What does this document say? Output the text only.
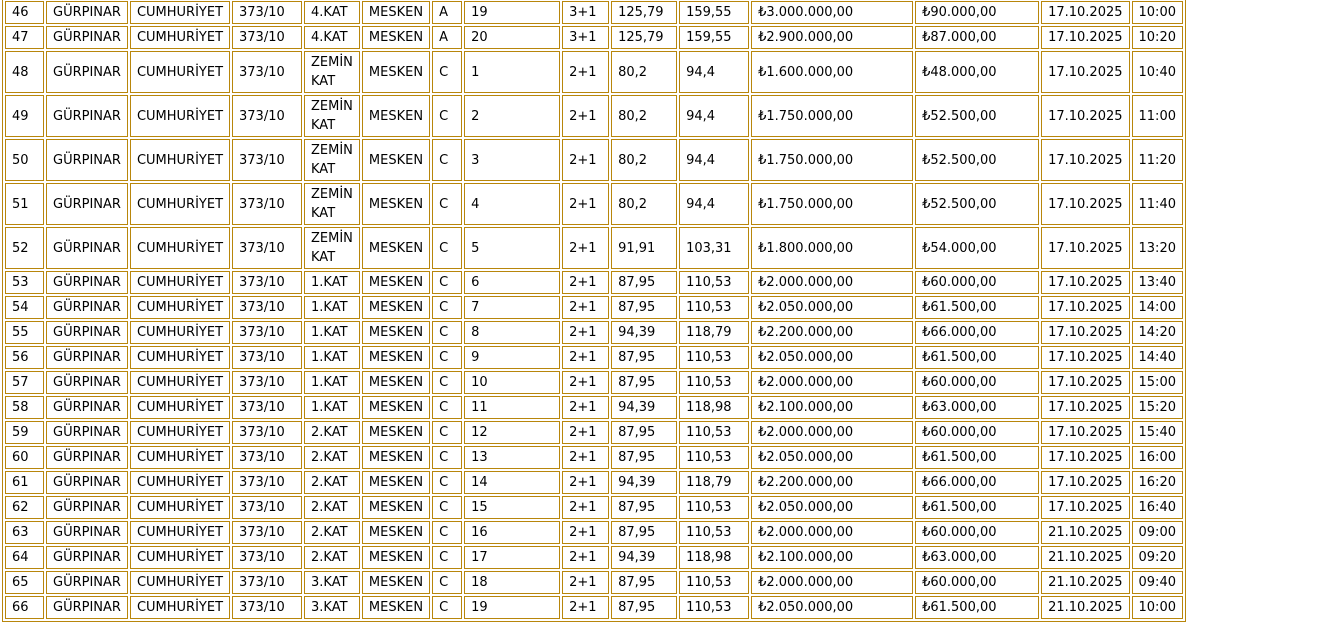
46	GÜRPINAR	CUMHURİYET	373/10	4.KAT	MESKEN	A	19	3+1	125,79	159,55	₺3.000.000,00	₺90.000,00	17.10.2025	10:00
47	GÜRPINAR	CUMHURİYET	373/10	4.KAT	MESKEN	A	20	3+1	125,79	159,55	₺2.900.000,00	₺87.000,00	17.10.2025	10:20
48	GÜRPINAR	CUMHURİYET	373/10	ZEMİN KAT	MESKEN	C	1	2+1	80,2	94,4	₺1.600.000,00	₺48.000,00	17.10.2025	10:40
49	GÜRPINAR	CUMHURİYET	373/10	ZEMİN KAT	MESKEN	C	2	2+1	80,2	94,4	₺1.750.000,00	₺52.500,00	17.10.2025	11:00
50	GÜRPINAR	CUMHURİYET	373/10	ZEMİN KAT	MESKEN	C	3	2+1	80,2	94,4	₺1.750.000,00	₺52.500,00	17.10.2025	11:20
51	GÜRPINAR	CUMHURİYET	373/10	ZEMİN KAT	MESKEN	C	4	2+1	80,2	94,4	₺1.750.000,00	₺52.500,00	17.10.2025	11:40
52	GÜRPINAR	CUMHURİYET	373/10	ZEMİN KAT	MESKEN	C	5	2+1	91,91	103,31	₺1.800.000,00	₺54.000,00	17.10.2025	13:20
53	GÜRPINAR	CUMHURİYET	373/10	1.KAT	MESKEN	C	6	2+1	87,95	110,53	₺2.000.000,00	₺60.000,00	17.10.2025	13:40
54	GÜRPINAR	CUMHURİYET	373/10	1.KAT	MESKEN	C	7	2+1	87,95	110,53	₺2.050.000,00	₺61.500,00	17.10.2025	14:00
55	GÜRPINAR	CUMHURİYET	373/10	1.KAT	MESKEN	C	8	2+1	94,39	118,79	₺2.200.000,00	₺66.000,00	17.10.2025	14:20
56	GÜRPINAR	CUMHURİYET	373/10	1.KAT	MESKEN	C	9	2+1	87,95	110,53	₺2.050.000,00	₺61.500,00	17.10.2025	14:40
57	GÜRPINAR	CUMHURİYET	373/10	1.KAT	MESKEN	C	10	2+1	87,95	110,53	₺2.000.000,00	₺60.000,00	17.10.2025	15:00
58	GÜRPINAR	CUMHURİYET	373/10	1.KAT	MESKEN	C	11	2+1	94,39	118,98	₺2.100.000,00	₺63.000,00	17.10.2025	15:20
59	GÜRPINAR	CUMHURİYET	373/10	2.KAT	MESKEN	C	12	2+1	87,95	110,53	₺2.000.000,00	₺60.000,00	17.10.2025	15:40
60	GÜRPINAR	CUMHURİYET	373/10	2.KAT	MESKEN	C	13	2+1	87,95	110,53	₺2.050.000,00	₺61.500,00	17.10.2025	16:00
61	GÜRPINAR	CUMHURİYET	373/10	2.KAT	MESKEN	C	14	2+1	94,39	118,79	₺2.200.000,00	₺66.000,00	17.10.2025	16:20
62	GÜRPINAR	CUMHURİYET	373/10	2.KAT	MESKEN	C	15	2+1	87,95	110,53	₺2.050.000,00	₺61.500,00	17.10.2025	16:40
63	GÜRPINAR	CUMHURİYET	373/10	2.KAT	MESKEN	C	16	2+1	87,95	110,53	₺2.000.000,00	₺60.000,00	21.10.2025	09:00
64	GÜRPINAR	CUMHURİYET	373/10	2.KAT	MESKEN	C	17	2+1	94,39	118,98	₺2.100.000,00	₺63.000,00	21.10.2025	09:20
65	GÜRPINAR	CUMHURİYET	373/10	3.KAT	MESKEN	C	18	2+1	87,95	110,53	₺2.000.000,00	₺60.000,00	21.10.2025	09:40
66	GÜRPINAR	CUMHURİYET	373/10	3.KAT	MESKEN	C	19	2+1	87,95	110,53	₺2.050.000,00	₺61.500,00	21.10.2025	10:00
